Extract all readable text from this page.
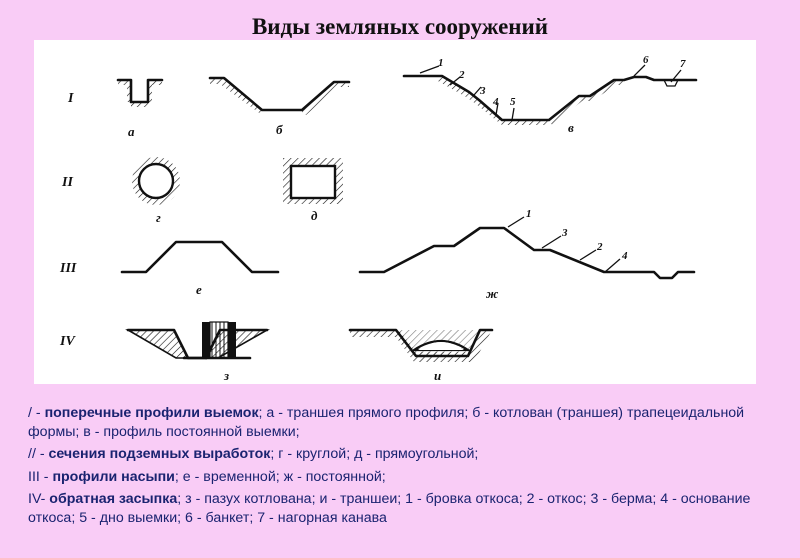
Виды земляных сооружений
I
II
III
IV
а	б
1
2
3
4 5
6	7
в
г	д
е
1
3
2
4
ж
з	и

/ - поперечные профили выемок; а - траншея прямого профиля; б - котлован (траншея) трапецеидальной формы; в - профиль постоянной выемки;

// - сечения подземных выработок; г - круглой; д - прямоугольной;

III - профили насыпи; е - временной; ж - постоянной;

IV- обратная засыпка; з - пазух котлована; и - траншеи; 1 - бровка откоса; 2 - откос; 3 - берма; 4 - основание откоса; 5 - дно выемки; 6 - банкет; 7 - нагорная канава
